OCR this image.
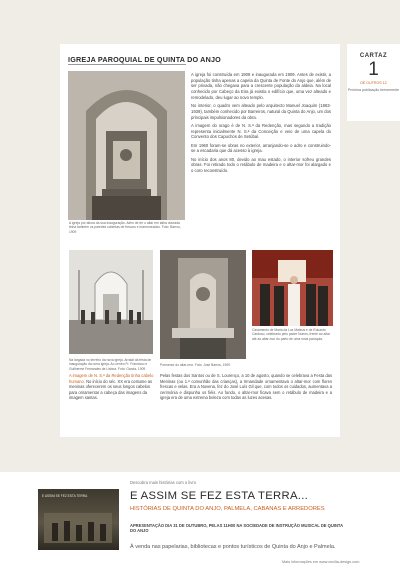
IGREJA PAROQUIAL DE QUINTA DO ANJO
A igreja por altura da sua inauguração. Além de ter o altar em talha dourada tinha também os paredes cobertas de frescos e marmoreados. Foto: Barros, 1909

A igreja foi construída em 1908 e inaugurada em 1909. Antes de existir, a população tinha apenas a capela da Quinta de Fonte do Anjo que, além de ser privada, não chegava para a crescente população da aldeia. Na local conhecido por Cabeço da Eira já existia o edifício que, uma vez alteado e remodelado, deu lugar ao novo templo.

No interior, o quadro vem alteado pelo arquitecto Manuel Joaquim (1863-1939), também conhecido por Barreiros, natural da Quinta do Anjo, um dos principais impulsionadores da obra.

A imagem do orago é de N. S.ª da Redenção, mas segundo a tradição representa inicialmente N. S.ª da Conceição e veio de uma capela do Convento dos Capuchos de Setúbal.

Em 1960 foram-se obras no exterior, arranjando-se o adro e construindo-se a escadaria que dá acesso à igreja.

No início dos anos 80, devido ao mau estado, o interior sofreu grandes obras. Foi retirado todo o retábulo de madeira e o altar-mor foi alargado e o coro reconstruído.

Na largada no terreiro da nova igreja. Arraial da festa de inauguração da nova igreja. Ao centro Fr. Francisco e Guilherme Fernandes de Lisboa. Foto: Garcia, 1909
Pormenor do altar-mor. Foto: José Barros, 1909
Casamento de Maria da Luz Mateus e de Eduardo Cardoso, celebrado pelo padre Nunes, frente ao altar até ao altar-mor do parto de uma nova paróquia.
A imagem de N. S.ª da Redenção tinha cabelo humano. No início do séc. XX era costume as meninas oferecerem os seus longos cabelos para ornamentar a cabeça das imagens da imagem santas.
Pelas festas dos Santos ou de S. Lourenço, a 10 de agosto, quando se celebrava a Festa das Meninas (ou 1.ª comunhão das crianças), a Irmandade ornamentava o altar-mor com flores frescas e velas. Era a Novena, fez do José Luís Gil que, com todos os cuidados, aumentava a cerimónia e dispunha os fiéis. Ao fundo, o altar-mor ficava sem o retábulo de madeira e a igreja era de uma extrema beleza com todas as luzes acesas.
CARTAZ
1
DE OUTROS 12
Próxima publicação brevemente
Descubra mais histórias com o livro
E ASSIM SE FEZ ESTA TERRA	E ASSIM SE FEZ ESTA TERRA...
HISTÓRIAS DE QUINTA DO ANJO, PALMELA, CABANAS E ARREDORES
APRESENTAÇÃO DIA 31 DE OUTUBRO, PELAS 11H00 NA SOCIEDADE DE INSTRUÇÃO MUSICAL DE QUINTA DO ANJO
À venda nas papelarias, bibliotecas e pontos turísticos de Quinta do Anjo e Palmela.
Mais informações em www.cecilia-design.com
